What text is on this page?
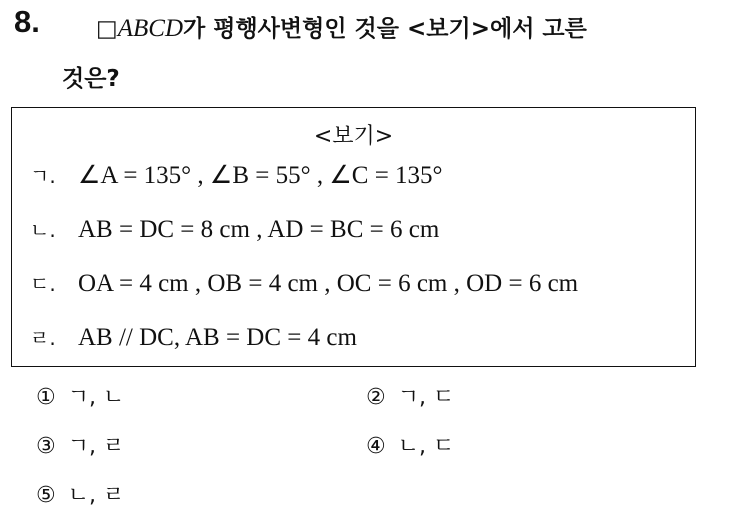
8. □ABCD가 평행사변형인 것을 <보기>에서 고른
것은?
<보기>
ㄱ. ∠A = 135° , ∠B = 55° , ∠C = 135°
ㄴ. AB = DC = 8 cm , AD = BC = 6 cm
ㄷ. OA = 4 cm , OB = 4 cm , OC = 6 cm , OD = 6 cm
ㄹ. AB // DC, AB = DC = 4 cm
① ㄱ, ㄴ	② ㄱ, ㄷ
③ ㄱ, ㄹ	④ ㄴ, ㄷ
⑤ ㄴ, ㄹ
